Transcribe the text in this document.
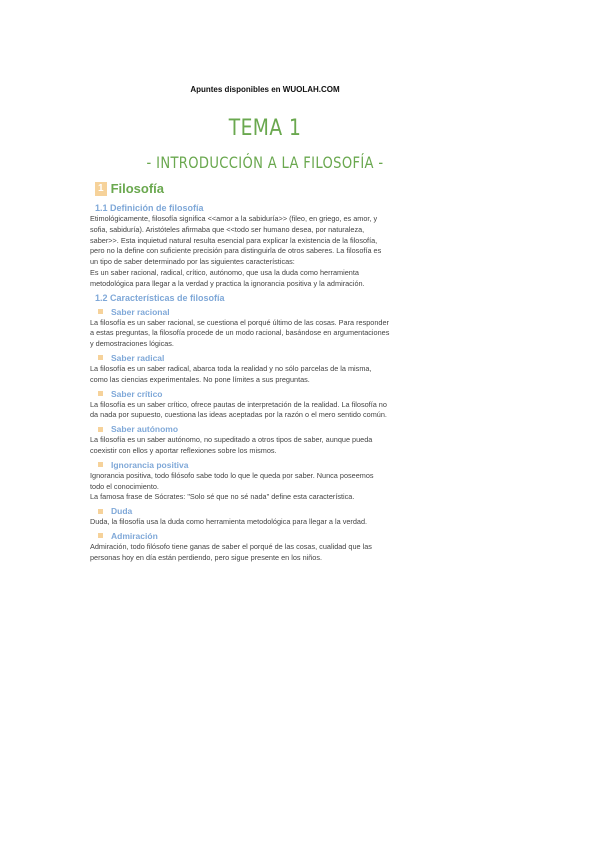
Apuntes disponibles en WUOLAH.COM
TEMA 1
- INTRODUCCIÓN A LA FILOSOFÍA -
1 Filosofía
1.1 Definición de filosofía

Etimológicamente, filosofía significa <<amor a la sabiduría>> (fileo, en griego, es amor, y

sofia, sabiduría). Aristóteles afirmaba que <<todo ser humano desea, por naturaleza,

saber>>. Esta inquietud natural resulta esencial para explicar la existencia de la filosofía,

pero no la define con suficiente precisión para distinguirla de otros saberes. La filosofía es

un tipo de saber determinado por las siguientes características:

Es un saber racional, radical, crítico, autónomo, que usa la duda como herramienta

metodológica para llegar a la verdad y practica la ignorancia positiva y la admiración.

1.2 Características de filosofía
Saber racional

La filosofía es un saber racional, se cuestiona el porqué último de las cosas. Para responder

a estas preguntas, la filosofía procede de un modo racional, basándose en argumentaciones

y demostraciones lógicas.

Saber radical

La filosofía es un saber radical, abarca toda la realidad y no sólo parcelas de la misma,

como las ciencias experimentales. No pone límites a sus preguntas.

Saber crítico

La filosofía es un saber crítico, ofrece pautas de interpretación de la realidad. La filosofía no

da nada por supuesto, cuestiona las ideas aceptadas por la razón o el mero sentido común.

Saber autónomo

La filosofía es un saber autónomo, no supeditado a otros tipos de saber, aunque pueda

coexistir con ellos y aportar reflexiones sobre los mismos.

Ignorancia positiva

Ignorancia positiva, todo filósofo sabe todo lo que le queda por saber. Nunca poseemos

todo el conocimiento.

La famosa frase de Sócrates: "Solo sé que no sé nada" define esta característica.

Duda

Duda, la filosofía usa la duda como herramienta metodológica para llegar a la verdad.

Admiración

Admiración, todo filósofo tiene ganas de saber el porqué de las cosas, cualidad que las

personas hoy en día están perdiendo, pero sigue presente en los niños.
